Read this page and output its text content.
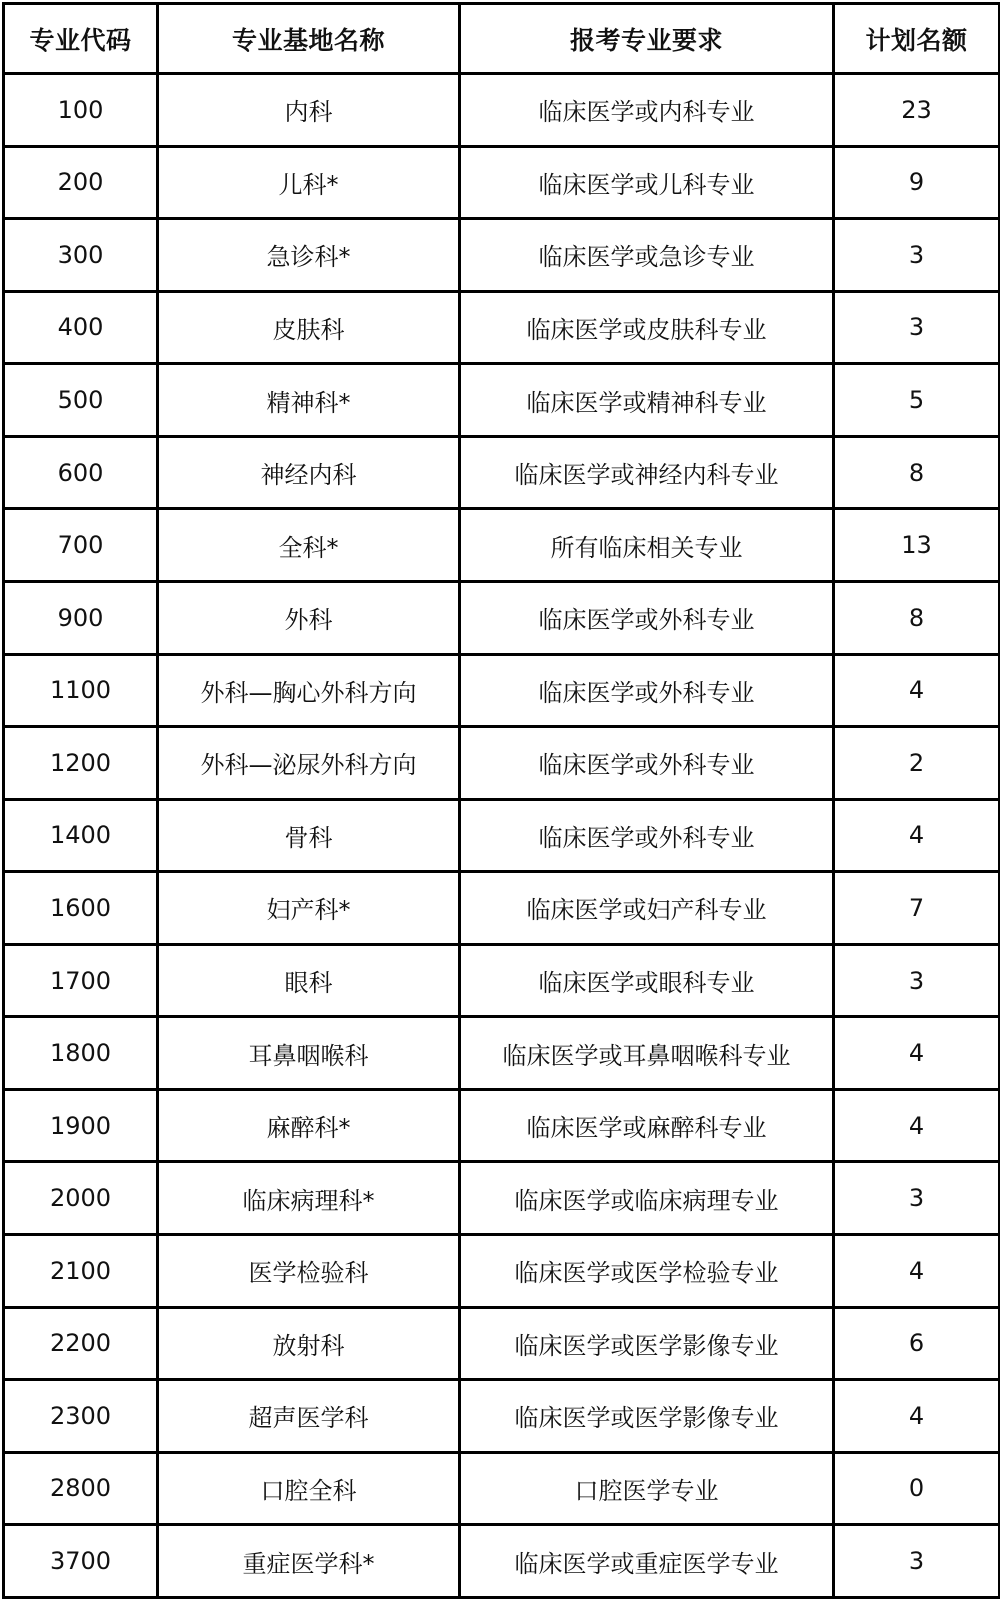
专业代码	专业基地名称	报考专业要求	计划名额
100	内科	临床医学或内科专业	23
200	儿科*	临床医学或儿科专业	9
300	急诊科*	临床医学或急诊专业	3
400	皮肤科	临床医学或皮肤科专业	3
500	精神科*	临床医学或精神科专业	5
600	神经内科	临床医学或神经内科专业	8
700	全科*	所有临床相关专业	13
900	外科	临床医学或外科专业	8
1100	外科—胸心外科方向	临床医学或外科专业	4
1200	外科—泌尿外科方向	临床医学或外科专业	2
1400	骨科	临床医学或外科专业	4
1600	妇产科*	临床医学或妇产科专业	7
1700	眼科	临床医学或眼科专业	3
1800	耳鼻咽喉科	临床医学或耳鼻咽喉科专业	4
1900	麻醉科*	临床医学或麻醉科专业	4
2000	临床病理科*	临床医学或临床病理专业	3
2100	医学检验科	临床医学或医学检验专业	4
2200	放射科	临床医学或医学影像专业	6
2300	超声医学科	临床医学或医学影像专业	4
2800	口腔全科	口腔医学专业	0
3700	重症医学科*	临床医学或重症医学专业	3
